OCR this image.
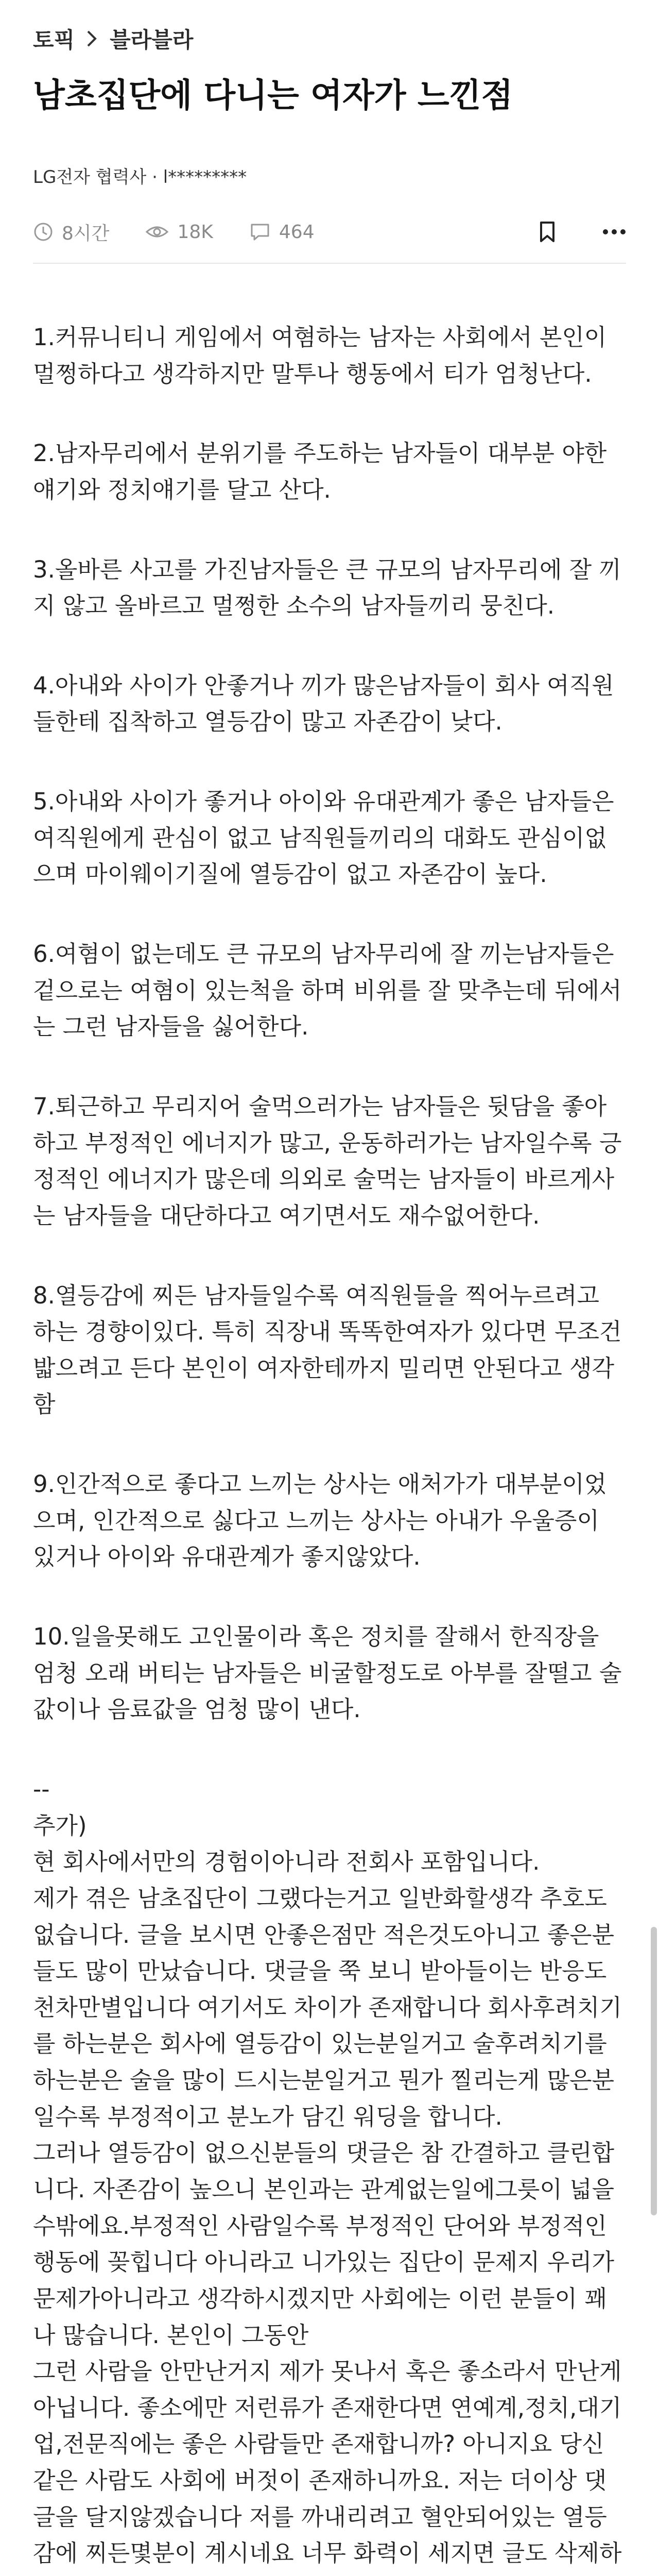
토픽 블라블라
남초집단에 다니는 여자가 느낀점
LG전자 협력사 · l*********
8시간	18K	464

1.커뮤니티니 게임에서 여혐하는 남자는 사회에서 본인이 멀쩡하다고 생각하지만 말투나 행동에서 티가 엄청난다.

2.남자무리에서 분위기를 주도하는 남자들이 대부분 야한얘기와 정치얘기를 달고 산다.

3.올바른 사고를 가진남자들은 큰 규모의 남자무리에 잘 끼지 않고 올바르고 멀쩡한 소수의 남자들끼리 뭉친다.

4.아내와 사이가 안좋거나 끼가 많은남자들이 회사 여직원들한테 집착하고 열등감이 많고 자존감이 낮다.

5.아내와 사이가 좋거나 아이와 유대관계가 좋은 남자들은 여직원에게 관심이 없고 남직원들끼리의 대화도 관심이없으며 마이웨이기질에 열등감이 없고 자존감이 높다.

6.여혐이 없는데도 큰 규모의 남자무리에 잘 끼는남자들은 겉으로는 여혐이 있는척을 하며 비위를 잘 맞추는데 뒤에서는 그런 남자들을 싫어한다.

7.퇴근하고 무리지어 술먹으러가는 남자들은 뒷담을 좋아하고 부정적인 에너지가 많고, 운동하러가는 남자일수록 긍정적인 에너지가 많은데 의외로 술먹는 남자들이 바르게사는 남자들을 대단하다고 여기면서도 재수없어한다.

8.열등감에 찌든 남자들일수록 여직원들을 찍어누르려고 하는 경향이있다. 특히 직장내 똑똑한여자가 있다면 무조건 밟으려고 든다 본인이 여자한테까지 밀리면 안된다고 생각함

9.인간적으로 좋다고 느끼는 상사는 애처가가 대부분이었으며, 인간적으로 싫다고 느끼는 상사는 아내가 우울증이 있거나 아이와 유대관계가 좋지않았다.

10.일을못해도 고인물이라 혹은 정치를 잘해서 한직장을 엄청 오래 버티는 남자들은 비굴할정도로 아부를 잘떨고 술값이나 음료값을 엄청 많이 낸다.

--

추가)

현 회사에서만의 경험이아니라 전회사 포함입니다.

제가 겪은 남초집단이 그랬다는거고 일반화할생각 추호도 없습니다. 글을 보시면 안좋은점만 적은것도아니고 좋은분들도 많이 만났습니다. 댓글을 쭉 보니 받아들이는 반응도 천차만별입니다 여기서도 차이가 존재합니다 회사후려치기를 하는분은 회사에 열등감이 있는분일거고 술후려치기를 하는분은 술을 많이 드시는분일거고 뭔가 찔리는게 많은분일수록 부정적이고 분노가 담긴 워딩을 합니다.

그러나 열등감이 없으신분들의 댓글은 참 간결하고 클린합니다. 자존감이 높으니 본인과는 관계없는일에그릇이 넓을수밖에요.부정적인 사람일수록 부정적인 단어와 부정적인 행동에 꽂힙니다 아니라고 니가있는 집단이 문제지 우리가 문제가아니라고 생각하시겠지만 사회에는 이런 분들이 꽤나 많습니다. 본인이 그동안

그런 사람을 안만난거지 제가 못나서 혹은 좋소라서 만난게 아닙니다. 좋소에만 저런류가 존재한다면 연예계,정치,대기업,전문직에는 좋은 사람들만 존재합니까? 아니지요 당신같은 사람도 사회에 버젓이 존재하니까요. 저는 더이상 댓글을 달지않겠습니다 저를 까내리려고 혈안되어있는 열등감에 찌든몇분이 계시네요 너무 화력이 세지면 글도 삭제하
